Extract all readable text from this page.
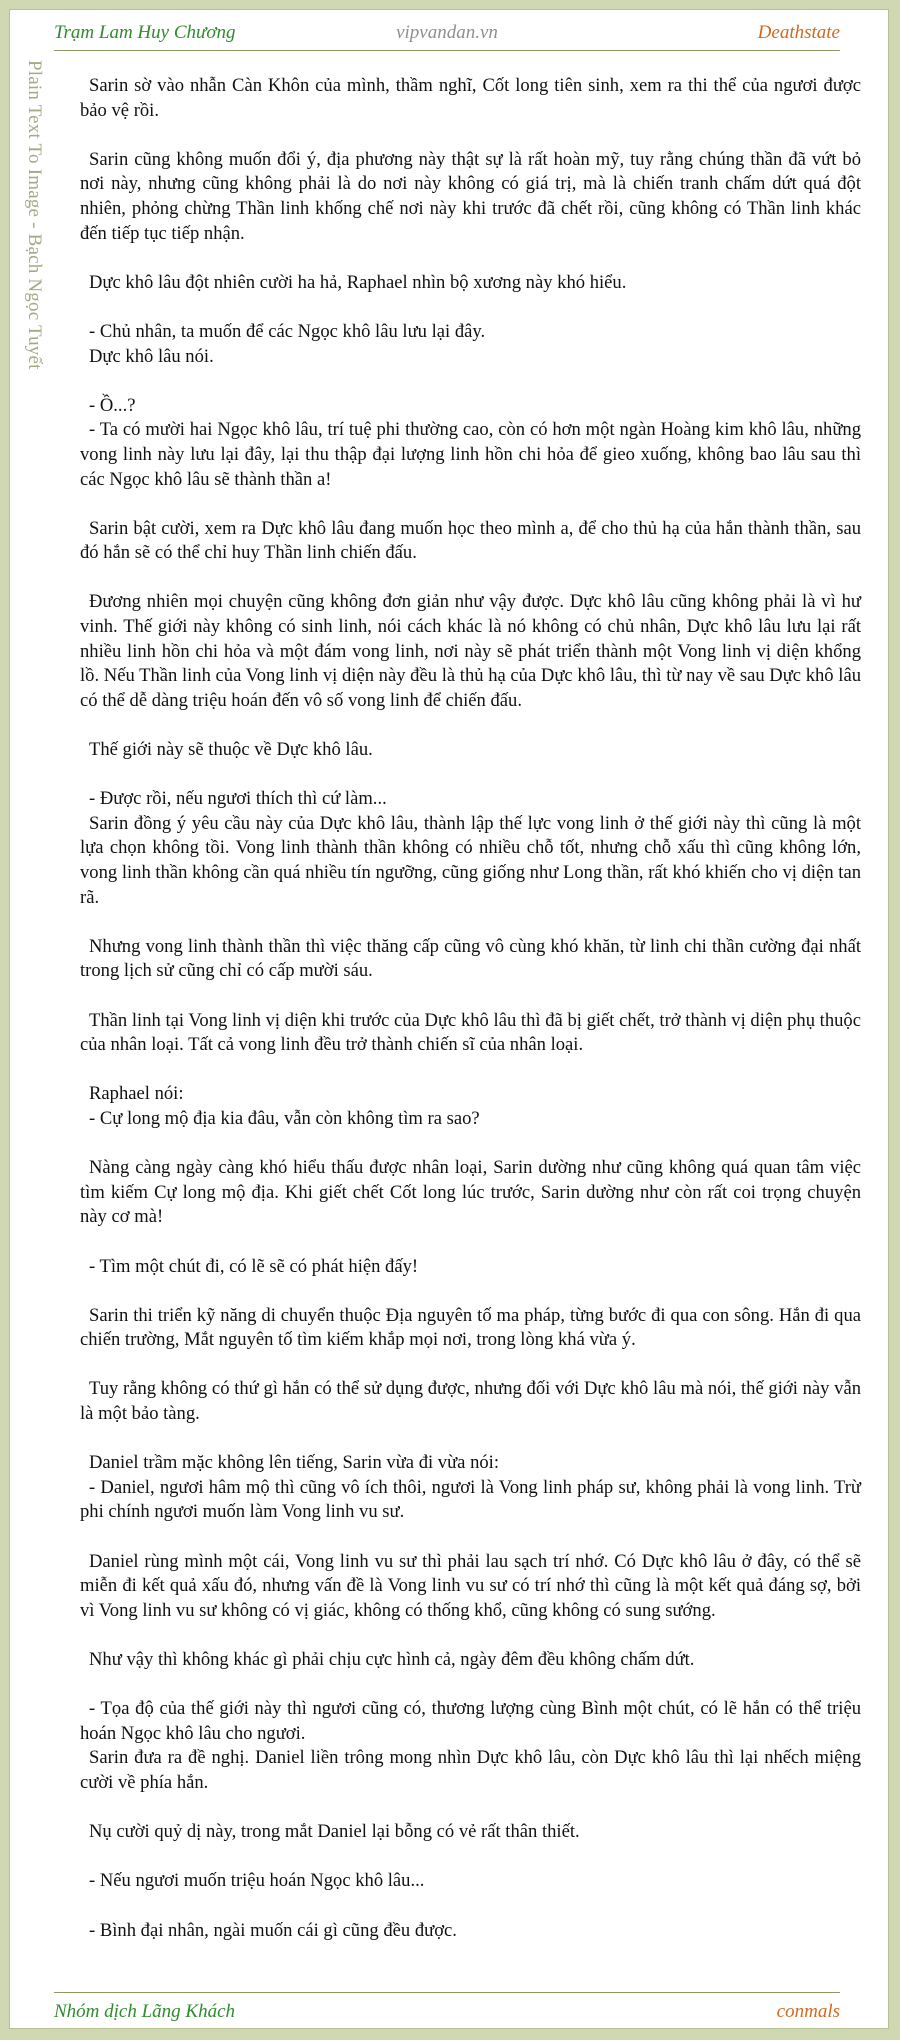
Trạm Lam Huy Chương	vipvandan.vn	Deathstate
Plain Text To Image - Bạch Ngọc Tuyết	Sarin sờ vào nhẫn Càn Khôn của mình, thầm nghĩ, Cốt long tiên sinh, xem ra thi thể của ngươi được bảo vệ rồi.

Sarin cũng không muốn đổi ý, địa phương này thật sự là rất hoàn mỹ, tuy rằng chúng thần đã vứt bỏ nơi này, nhưng cũng không phải là do nơi này không có giá trị, mà là chiến tranh chấm dứt quá đột nhiên, phỏng chừng Thần linh khống chế nơi này khi trước đã chết rồi, cũng không có Thần linh khác đến tiếp tục tiếp nhận.

Dực khô lâu đột nhiên cười ha hả, Raphael nhìn bộ xương này khó hiểu.

- Chủ nhân, ta muốn để các Ngọc khô lâu lưu lại đây.

Dực khô lâu nói.

- Ồ...?

- Ta có mười hai Ngọc khô lâu, trí tuệ phi thường cao, còn có hơn một ngàn Hoàng kim khô lâu, những vong linh này lưu lại đây, lại thu thập đại lượng linh hồn chi hỏa để gieo xuống, không bao lâu sau thì các Ngọc khô lâu sẽ thành thần a!

Sarin bật cười, xem ra Dực khô lâu đang muốn học theo mình a, để cho thủ hạ của hắn thành thần, sau đó hắn sẽ có thể chỉ huy Thần linh chiến đấu.

Đương nhiên mọi chuyện cũng không đơn giản như vậy được. Dực khô lâu cũng không phải là vì hư vinh. Thế giới này không có sinh linh, nói cách khác là nó không có chủ nhân, Dực khô lâu lưu lại rất nhiều linh hồn chi hỏa và một đám vong linh, nơi này sẽ phát triển thành một Vong linh vị diện khổng lồ. Nếu Thần linh của Vong linh vị diện này đều là thủ hạ của Dực khô lâu, thì từ nay về sau Dực khô lâu có thể dễ dàng triệu hoán đến vô số vong linh để chiến đấu.

Thế giới này sẽ thuộc về Dực khô lâu.

- Được rồi, nếu ngươi thích thì cứ làm...

Sarin đồng ý yêu cầu này của Dực khô lâu, thành lập thế lực vong linh ở thế giới này thì cũng là một lựa chọn không tồi. Vong linh thành thần không có nhiều chỗ tốt, nhưng chỗ xấu thì cũng không lớn, vong linh thần không cần quá nhiều tín ngưỡng, cũng giống như Long thần, rất khó khiến cho vị diện tan rã.

Nhưng vong linh thành thần thì việc thăng cấp cũng vô cùng khó khăn, từ linh chi thần cường đại nhất trong lịch sử cũng chỉ có cấp mười sáu.

Thần linh tại Vong linh vị diện khi trước của Dực khô lâu thì đã bị giết chết, trở thành vị diện phụ thuộc của nhân loại. Tất cả vong linh đều trở thành chiến sĩ của nhân loại.

Raphael nói:

- Cự long mộ địa kia đâu, vẫn còn không tìm ra sao?

Nàng càng ngày càng khó hiểu thấu được nhân loại, Sarin dường như cũng không quá quan tâm việc tìm kiếm Cự long mộ địa. Khi giết chết Cốt long lúc trước, Sarin dường như còn rất coi trọng chuyện này cơ mà!

- Tìm một chút đi, có lẽ sẽ có phát hiện đấy!

Sarin thi triển kỹ năng di chuyển thuộc Địa nguyên tố ma pháp, từng bước đi qua con sông. Hắn đi qua chiến trường, Mắt nguyên tố tìm kiếm khắp mọi nơi, trong lòng khá vừa ý.

Tuy rằng không có thứ gì hắn có thể sử dụng được, nhưng đối với Dực khô lâu mà nói, thế giới này vẫn là một bảo tàng.

Daniel trầm mặc không lên tiếng, Sarin vừa đi vừa nói:

- Daniel, ngươi hâm mộ thì cũng vô ích thôi, ngươi là Vong linh pháp sư, không phải là vong linh. Trừ phi chính ngươi muốn làm Vong linh vu sư.

Daniel rùng mình một cái, Vong linh vu sư thì phải lau sạch trí nhớ. Có Dực khô lâu ở đây, có thể sẽ miễn đi kết quả xấu đó, nhưng vấn đề là Vong linh vu sư có trí nhớ thì cũng là một kết quả đáng sợ, bởi vì Vong linh vu sư không có vị giác, không có thống khổ, cũng không có sung sướng.

Như vậy thì không khác gì phải chịu cực hình cả, ngày đêm đều không chấm dứt.

- Tọa độ của thế giới này thì ngươi cũng có, thương lượng cùng Bình một chút, có lẽ hắn có thể triệu hoán Ngọc khô lâu cho ngươi.

Sarin đưa ra đề nghị. Daniel liền trông mong nhìn Dực khô lâu, còn Dực khô lâu thì lại nhếch miệng cười về phía hắn.

Nụ cười quỷ dị này, trong mắt Daniel lại bỗng có vẻ rất thân thiết.

- Nếu ngươi muốn triệu hoán Ngọc khô lâu...

- Bình đại nhân, ngài muốn cái gì cũng đều được.

Nhóm dịch Lãng Khách	conmals
